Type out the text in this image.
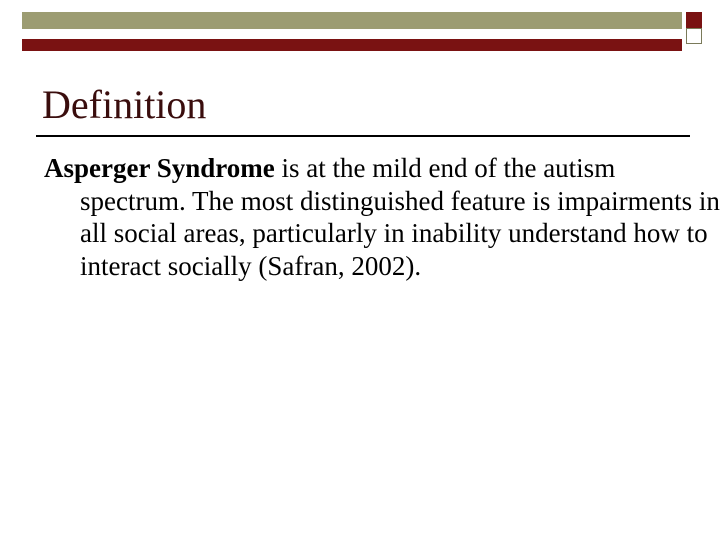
Definition

Asperger Syndrome is at the mild end of the autism spectrum. The most distinguished feature is impairments in all social areas, particularly in inability understand how to interact socially (Safran, 2002).
